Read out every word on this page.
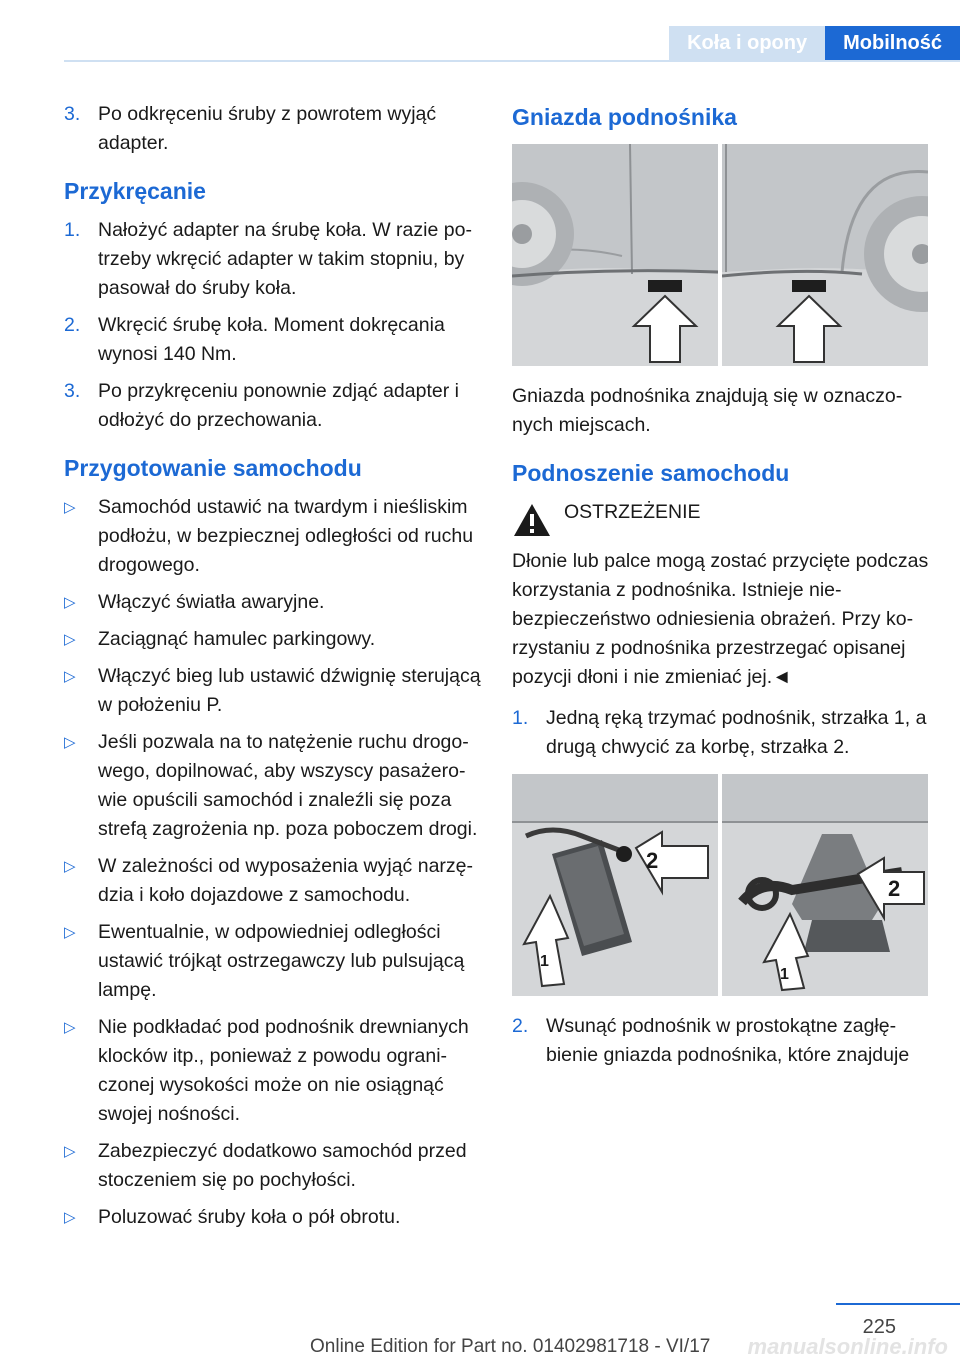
Koła i opony	Mobilność
3. Po odkręceniu śruby z powrotem wyjąć adapter.
Przykręcanie
1. Nałożyć adapter na śrubę koła. W razie potrzeby wkręcić adapter w takim stopniu, by pasował do śruby koła.
2. Wkręcić śrubę koła. Moment dokręcania wynosi 140 Nm.
3. Po przykręceniu ponownie zdjąć adapter i odłożyć do przechowania.
Przygotowanie samochodu
▷	Samochód ustawić na twardym i nieśliskim podłożu, w bezpiecznej odległości od ruchu drogowego.
▷	Włączyć światła awaryjne.
▷	Zaciągnąć hamulec parkingowy.
▷	Włączyć bieg lub ustawić dźwignię sterującą w położeniu P.
▷	Jeśli pozwala na to natężenie ruchu drogowego, dopilnować, aby wszyscy pasażerowie opuścili samochód i znaleźli się poza strefą zagrożenia np. poza poboczem drogi.
▷	W zależności od wyposażenia wyjąć narzędzia i koło dojazdowe z samochodu.
▷	Ewentualnie, w odpowiedniej odległości ustawić trójkąt ostrzegawczy lub pulsującą lampę.
▷	Nie podkładać pod podnośnik drewnianych klocków itp., ponieważ z powodu ograniczonej wysokości może on nie osiągnąć swojej nośności.
▷	Zabezpieczyć dodatkowo samochód przed stoczeniem się po pochyłości.
▷	Poluzować śruby koła o pół obrotu.
Gniazda podnośnika

Gniazda podnośnika znajdują się w oznaczonych miejscach.

Podnoszenie samochodu

OSTRZEŻENIE

Dłonie lub palce mogą zostać przycięte podczas korzystania z podnośnika. Istnieje niebezpieczeństwo odniesienia obrażeń. Przy korzystaniu z podnośnika przestrzegać opisanej pozycji dłoni i nie zmieniać jej.◄

1. Jedną ręką trzymać podnośnik, strzałka 1, a drugą chwycić za korbę, strzałka 2.
1
2
1
2
2. Wsunąć podnośnik w prostokątne zagłębienie gniazda podnośnika, które znajduje
225
Online Edition for Part no. 01402981718 - VI/17 manualsonline.info
